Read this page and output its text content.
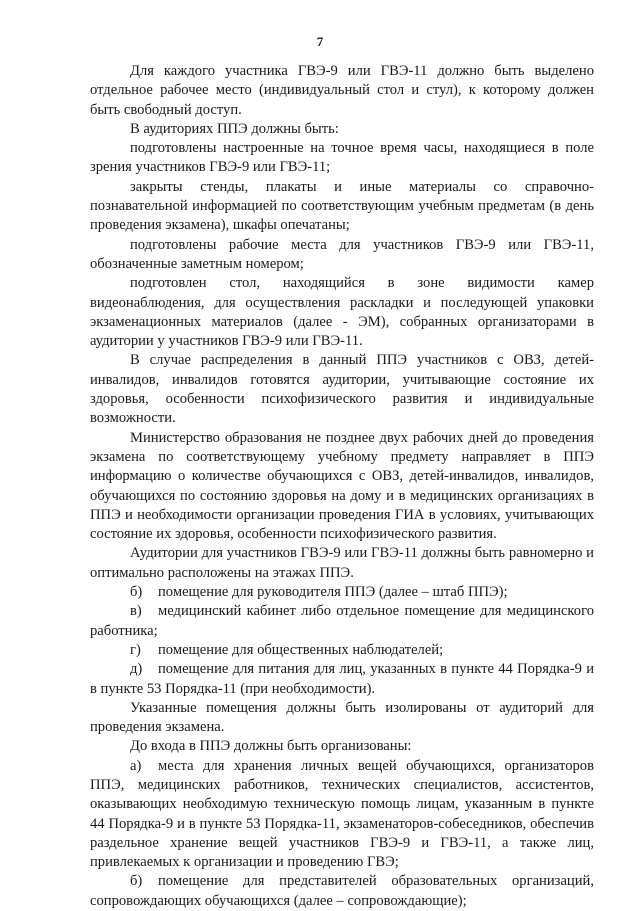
7

Для каждого участника ГВЭ-9 или ГВЭ-11 должно быть выделено отдельное рабочее место (индивидуальный стол и стул), к которому должен быть свободный доступ.

В аудиториях ППЭ должны быть:

подготовлены настроенные на точное время часы, находящиеся в поле зрения участников ГВЭ-9 или ГВЭ-11;

закрыты стенды, плакаты и иные материалы со справочно-познавательной информацией по соответствующим учебным предметам (в день проведения экзамена), шкафы опечатаны;

подготовлены рабочие места для участников ГВЭ-9 или ГВЭ-11, обозначенные заметным номером;

подготовлен стол, находящийся в зоне видимости камер видеонаблюдения, для осуществления раскладки и последующей упаковки экзаменационных материалов (далее - ЭМ), собранных организаторами в аудитории у участников ГВЭ-9 или ГВЭ-11.

В случае распределения в данный ППЭ участников с ОВЗ, детей-инвалидов, инвалидов готовятся аудитории, учитывающие состояние их здоровья, особенности психофизического развития и индивидуальные возможности.

Министерство образования не позднее двух рабочих дней до проведения экзамена по соответствующему учебному предмету направляет в ППЭ информацию о количестве обучающихся с ОВЗ, детей-инвалидов, инвалидов, обучающихся по состоянию здоровья на дому и в медицинских организациях в ППЭ и необходимости организации проведения ГИА в условиях, учитывающих состояние их здоровья, особенности психофизического развития.

Аудитории для участников ГВЭ-9 или ГВЭ-11 должны быть равномерно и оптимально расположены на этажах ППЭ.

б) помещение для руководителя ППЭ (далее – штаб ППЭ);

в) медицинский кабинет либо отдельное помещение для медицинского работника;

г) помещение для общественных наблюдателей;

д) помещение для питания для лиц, указанных в пункте 44 Порядка-9 и в пункте 53 Порядка-11 (при необходимости).

Указанные помещения должны быть изолированы от аудиторий для проведения экзамена.

До входа в ППЭ должны быть организованы:

а) места для хранения личных вещей обучающихся, организаторов ППЭ, медицинских работников, технических специалистов, ассистентов, оказывающих необходимую техническую помощь лицам, указанным в пункте 44 Порядка-9 и в пункте 53 Порядка-11, экзаменаторов-собеседников, обеспечив раздельное хранение вещей участников ГВЭ-9 и ГВЭ-11, а также лиц, привлекаемых к организации и проведению ГВЭ;

б) помещение для представителей образовательных организаций, сопровождающих обучающихся (далее – сопровождающие);
